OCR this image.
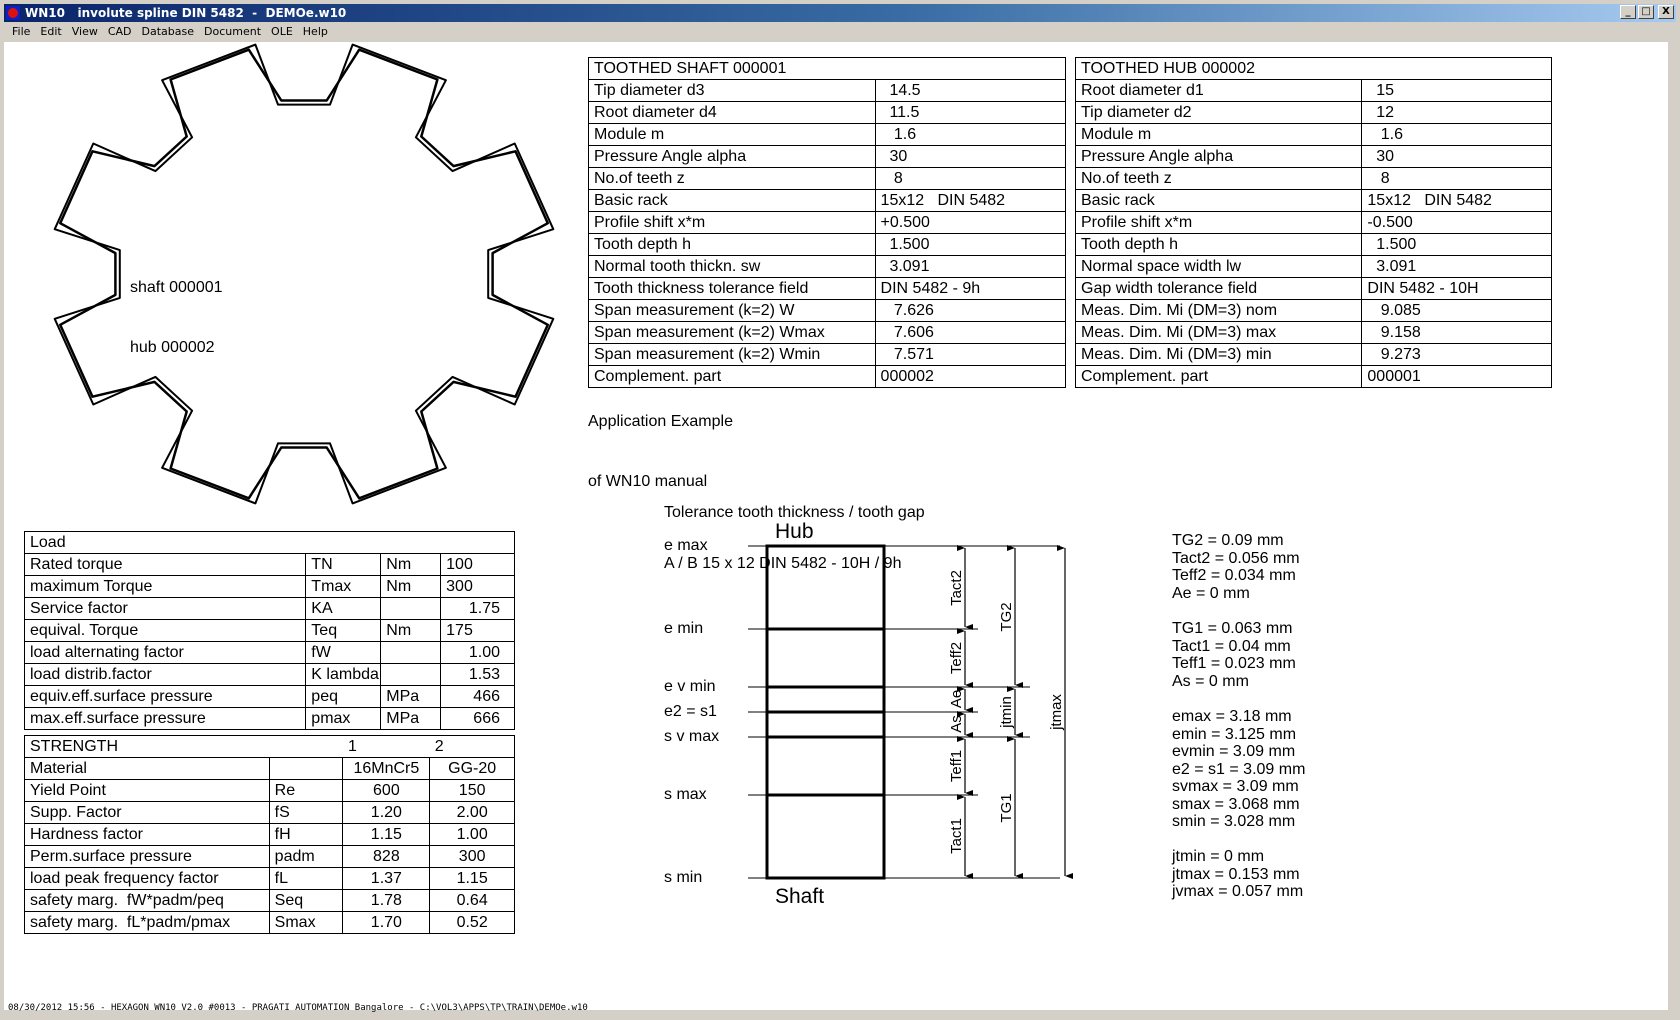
WN10   involute spline DIN 5482  -  DEMOe.w10	_	□	X
File Edit View CAD Database Document OLE Help

shaft 000001

hub 000002

TOOTHED SHAFT 000001	
Tip diameter d3	14.5
Root diameter d4	11.5
Module m	1.6
Pressure Angle alpha	30
No.of teeth z	8
Basic rack	15x12   DIN 5482
Profile shift x*m	+0.500
Tooth depth h	1.500
Normal tooth thickn. sw	3.091
Tooth thickness tolerance field	DIN 5482 - 9h
Span measurement (k=2) W	7.626
Span measurement (k=2) Wmax	7.606
Span measurement (k=2) Wmin	7.571
Complement. part	000002
TOOTHED HUB 000002	
Root diameter d1	15
Tip diameter d2	12
Module m	1.6
Pressure Angle alpha	30
No.of teeth z	8
Basic rack	15x12   DIN 5482
Profile shift x*m	-0.500
Tooth depth h	1.500
Normal space width lw	3.091
Gap width tolerance field	DIN 5482 - 10H
Meas. Dim. Mi (DM=3) nom	9.085
Meas. Dim. Mi (DM=3) max	9.158
Meas. Dim. Mi (DM=3) min	9.273
Complement. part	000001

Application Example

of WN10 manual

Load			
Rated torque	TN	Nm	100
maximum Torque	Tmax	Nm	300
Service factor	KA		1.75
equival. Torque	Teq	Nm	175
load alternating factor	fW		1.00
load distrib.factor	K lambda		1.53
equiv.eff.surface pressure	peq	MPa	466
max.eff.surface pressure	pmax	MPa	666
STRENGTH		1	2
Material		16MnCr5	GG-20
Yield Point	Re	600	150
Supp. Factor	fS	1.20	2.00
Hardness factor	fH	1.15	1.00
Perm.surface pressure	padm	828	300
load peak frequency factor	fL	1.37	1.15
safety marg.  fW*padm/peq	Seq	1.78	0.64
safety marg.  fL*padm/pmax	Smax	1.70	0.52

Tolerance tooth thickness / tooth gap

A / B 15 x 12 DIN 5482 - 10H / 9h

Tact2
Teff2
Ae
As
Teff1
Tact1
TG2
jtmin
TG1
jtmax
e max
e min
e v min
e2 = s1
s v max
s max
s min
Hub
Shaft
TG2 = 0.09 mm
Tact2 = 0.056 mm
Teff2 = 0.034 mm
Ae = 0 mm
TG1 = 0.063 mm
Tact1 = 0.04 mm
Teff1 = 0.023 mm
As = 0 mm
emax = 3.18 mm
emin = 3.125 mm
evmin = 3.09 mm
e2 = s1 = 3.09 mm
svmax = 3.09 mm
smax = 3.068 mm
smin = 3.028 mm
jtmin = 0 mm
jtmax = 0.153 mm
jvmax = 0.057 mm
08/30/2012 15:56 - HEXAGON WN10 V2.0 #0013 - PRAGATI AUTOMATION Bangalore - C:\VOL3\APPS\TP\TRAIN\DEMOe.w10
